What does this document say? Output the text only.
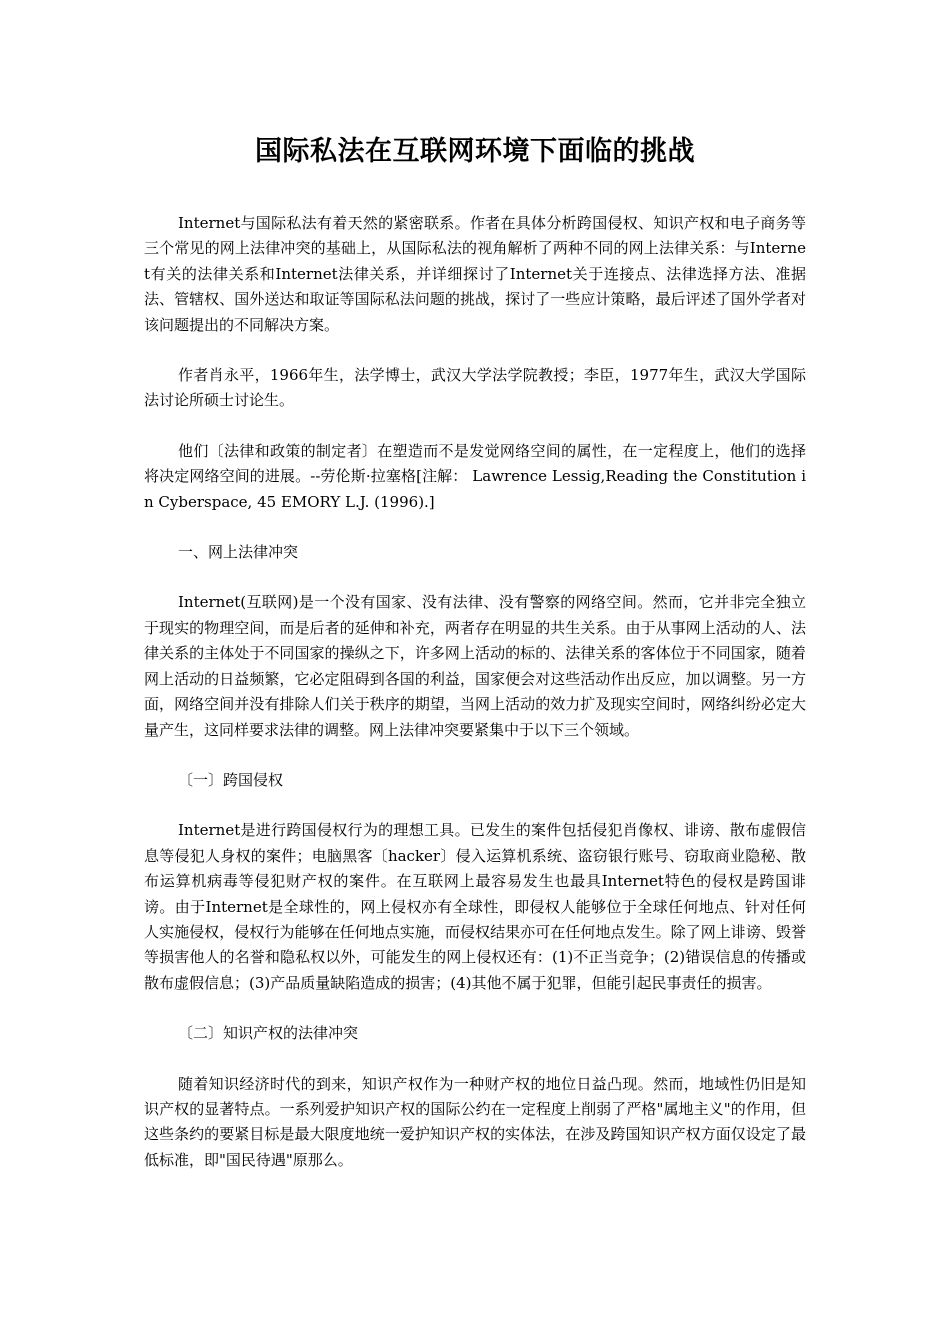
国际私法在互联网环境下面临的挑战

Internet与国际私法有着天然的紧密联系。作者在具体分析跨国侵权、知识产权和电子商务等三个常见的网上法律冲突的基础上，从国际私法的视角解析了两种不同的网上法律关系：与Internet有关的法律关系和Internet法律关系，并详细探讨了Internet关于连接点、法律选择方法、准据法、管辖权、国外送达和取证等国际私法问题的挑战，探讨了一些应计策略，最后评述了国外学者对该问题提出的不同解决方案。

作者肖永平，1966年生，法学博士，武汉大学法学院教授；李臣，1977年生，武汉大学国际法讨论所硕士讨论生。

他们〔法律和政策的制定者〕在塑造而不是发觉网络空间的属性，在一定程度上，他们的选择将决定网络空间的进展。--劳伦斯·拉塞格[注解： Lawrence Lessig,Reading the Constitution in Cyberspace, 45 EMORY L.J. (1996).]

一、网上法律冲突

Internet(互联网)是一个没有国家、没有法律、没有警察的网络空间。然而，它并非完全独立于现实的物理空间，而是后者的延伸和补充，两者存在明显的共生关系。由于从事网上活动的人、法律关系的主体处于不同国家的操纵之下，许多网上活动的标的、法律关系的客体位于不同国家，随着网上活动的日益频繁，它必定阻碍到各国的利益，国家便会对这些活动作出反应，加以调整。另一方面，网络空间并没有排除人们关于秩序的期望，当网上活动的效力扩及现实空间时，网络纠纷必定大量产生，这同样要求法律的调整。网上法律冲突要紧集中于以下三个领域。

〔一〕跨国侵权

Internet是进行跨国侵权行为的理想工具。已发生的案件包括侵犯肖像权、诽谤、散布虚假信息等侵犯人身权的案件；电脑黑客〔hacker〕侵入运算机系统、盗窃银行账号、窃取商业隐秘、散布运算机病毒等侵犯财产权的案件。在互联网上最容易发生也最具Internet特色的侵权是跨国诽谤。由于Internet是全球性的，网上侵权亦有全球性，即侵权人能够位于全球任何地点、针对任何人实施侵权，侵权行为能够在任何地点实施，而侵权结果亦可在任何地点发生。除了网上诽谤、毁誉等损害他人的名誉和隐私权以外，可能发生的网上侵权还有：(1)不正当竞争；(2)错误信息的传播或散布虚假信息；(3)产品质量缺陷造成的损害；(4)其他不属于犯罪，但能引起民事责任的损害。

〔二〕知识产权的法律冲突

随着知识经济时代的到来，知识产权作为一种财产权的地位日益凸现。然而，地域性仍旧是知识产权的显著特点。一系列爱护知识产权的国际公约在一定程度上削弱了严格"属地主义"的作用，但这些条约的要紧目标是最大限度地统一爱护知识产权的实体法，在涉及跨国知识产权方面仅设定了最低标准，即"国民待遇"原那么。
